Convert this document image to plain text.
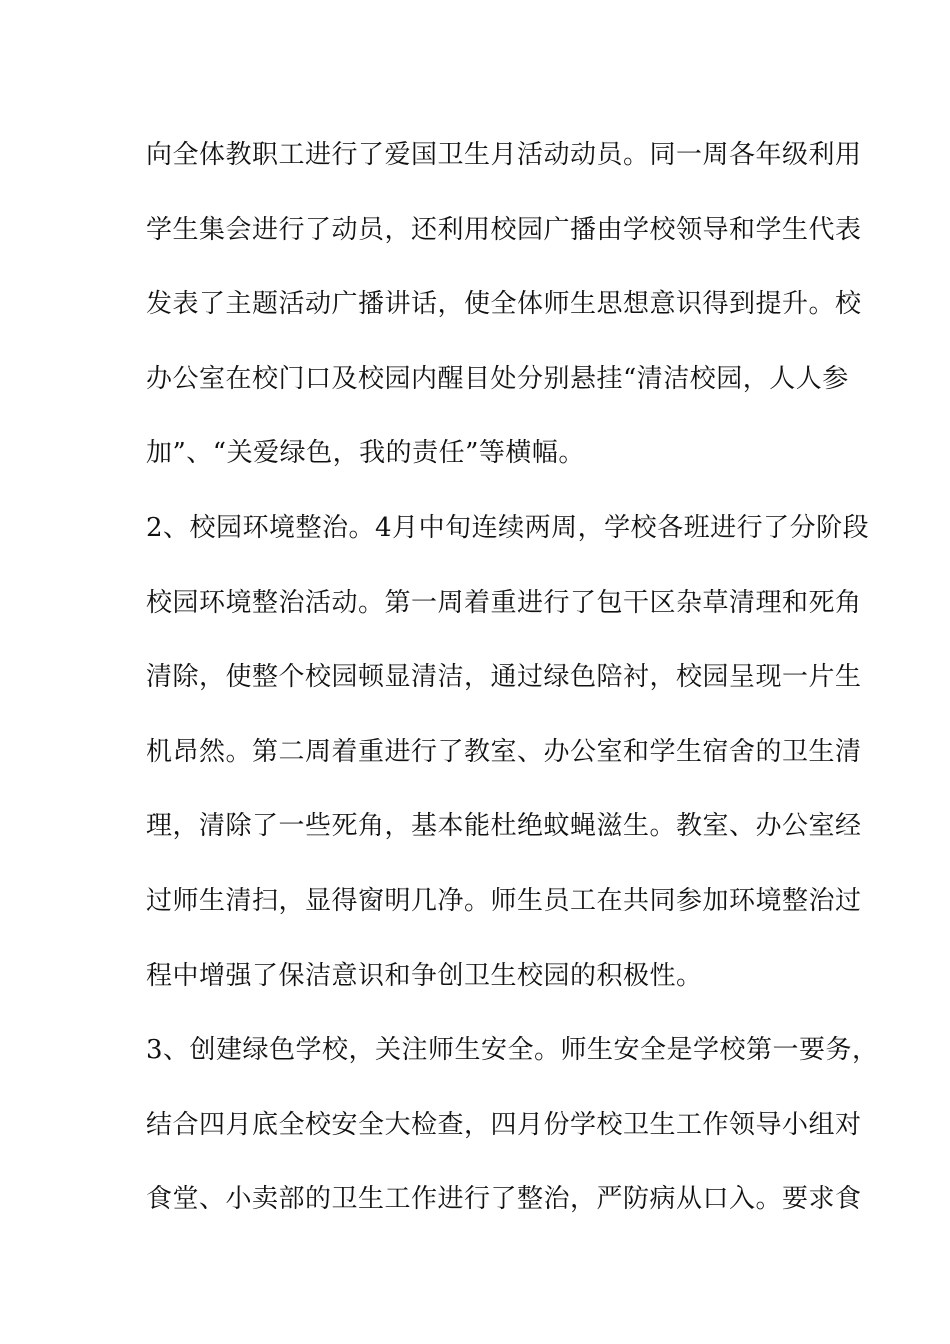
向全体教职工进行了爱国卫生月活动动员。同一周各年级利用
学生集会进行了动员，还利用校园广播由学校领导和学生代表
发表了主题活动广播讲话，使全体师生思想意识得到提升。校
办公室在校门口及校园内醒目处分别悬挂“清洁校园，人人参
加”、“关爱绿色，我的责任”等横幅。
2、校园环境整治。4月中旬连续两周，学校各班进行了分阶段
校园环境整治活动。第一周着重进行了包干区杂草清理和死角
清除，使整个校园顿显清洁，通过绿色陪衬，校园呈现一片生
机昂然。第二周着重进行了教室、办公室和学生宿舍的卫生清
理，清除了一些死角，基本能杜绝蚊蝇滋生。教室、办公室经
过师生清扫，显得窗明几净。师生员工在共同参加环境整治过
程中增强了保洁意识和争创卫生校园的积极性。
3、创建绿色学校，关注师生安全。师生安全是学校第一要务，
结合四月底全校安全大检查，四月份学校卫生工作领导小组对
食堂、小卖部的卫生工作进行了整治，严防病从口入。要求食
